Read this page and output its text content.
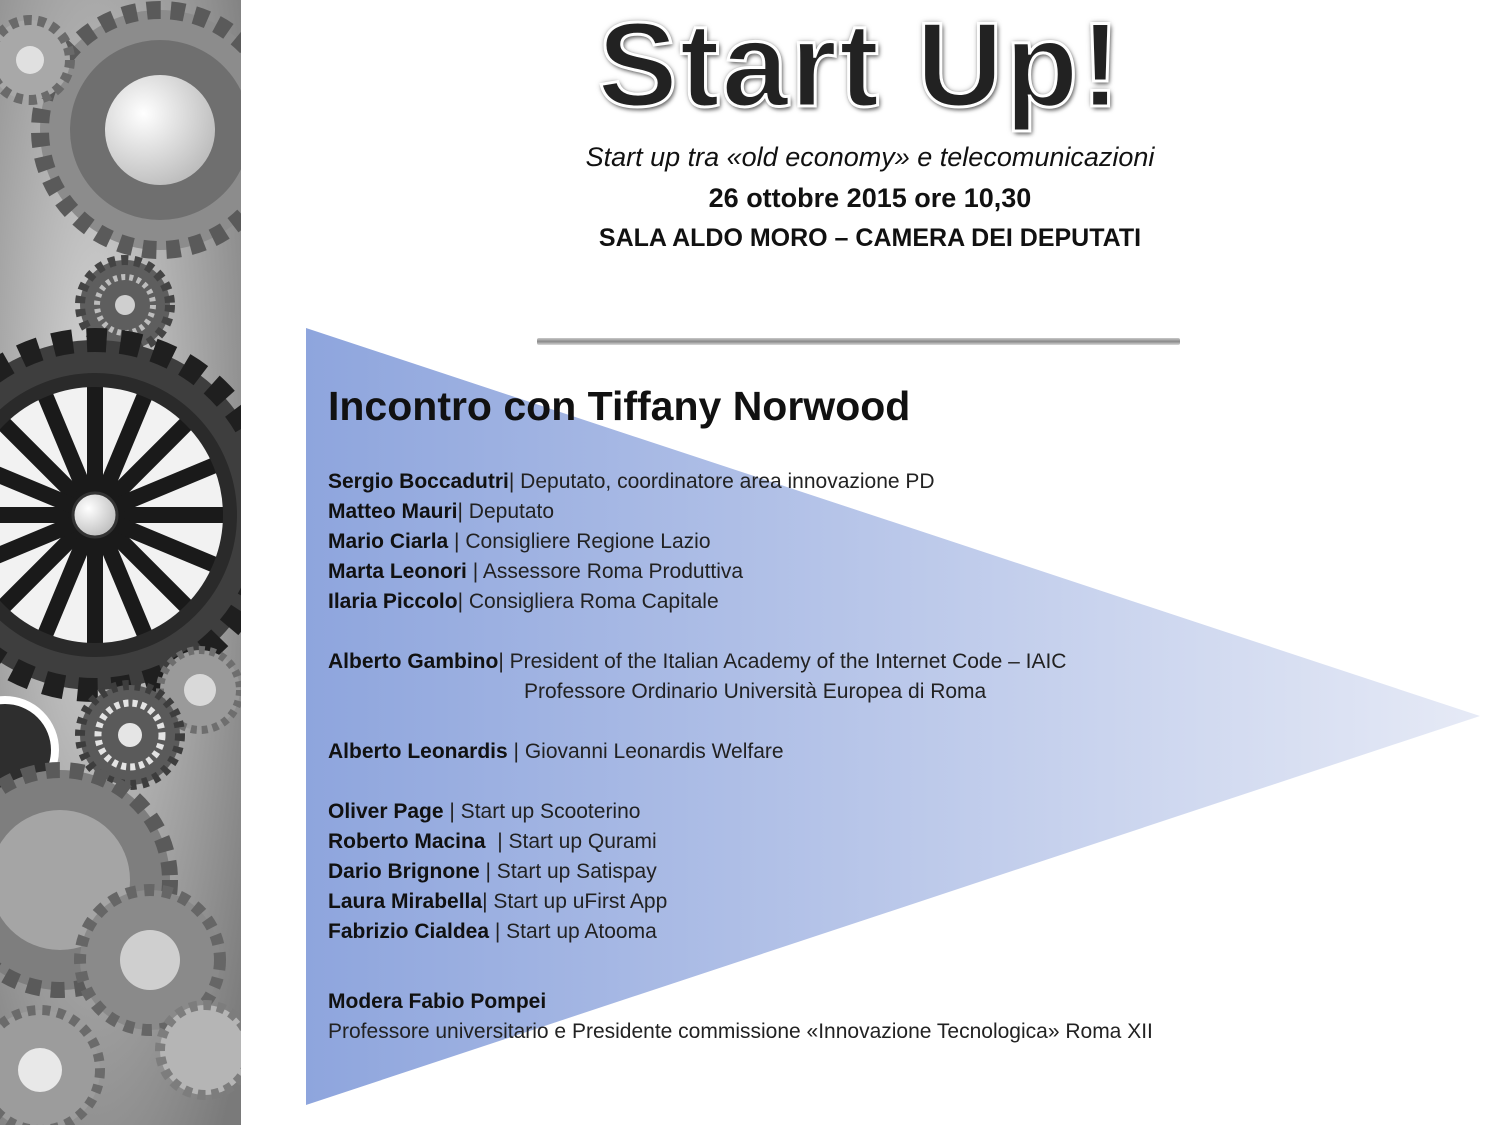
Start Up!
Start up tra «old economy» e telecomunicazioni
26 ottobre 2015 ore 10,30
SALA ALDO MORO – CAMERA DEI DEPUTATI
Incontro con Tiffany Norwood
Sergio Boccadutri| Deputato, coordinatore area innovazione PD
Matteo Mauri| Deputato
Mario Ciarla | Consigliere Regione Lazio
Marta Leonori | Assessore Roma Produttiva
Ilaria Piccolo| Consigliera Roma Capitale
Alberto Gambino| President of the Italian Academy of the Internet Code – IAIC
Professore Ordinario Università Europea di Roma
Alberto Leonardis | Giovanni Leonardis Welfare
Oliver Page | Start up Scooterino
Roberto Macina  | Start up Qurami
Dario Brignone | Start up Satispay
Laura Mirabella| Start up uFirst App
Fabrizio Cialdea | Start up Atooma
Modera Fabio Pompei
Professore universitario e Presidente commissione «Innovazione Tecnologica» Roma XII
